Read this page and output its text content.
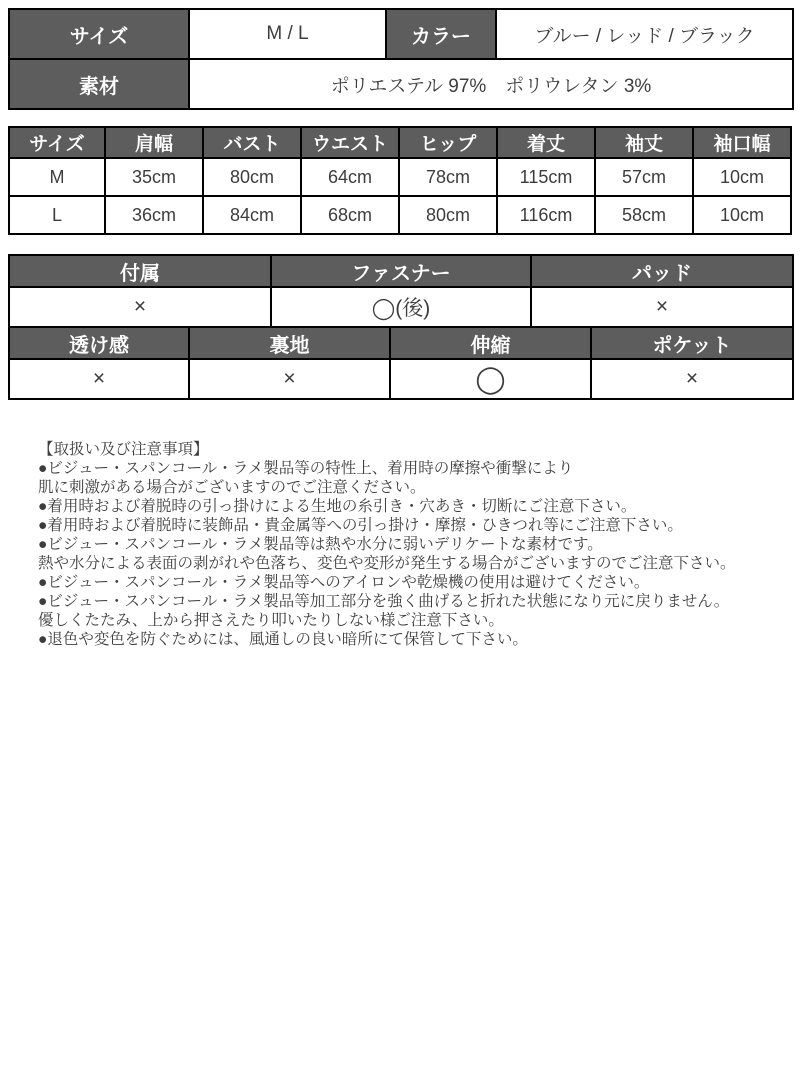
サイズ	M / L	カラー	ブルー / レッド / ブラック
素材	ポリエステル 97%　ポリウレタン 3%		
サイズ	肩幅	バスト	ウエスト	ヒップ	着丈	袖丈	袖口幅
M	35cm	80cm	64cm	78cm	115cm	57cm	10cm
L	36cm	84cm	68cm	80cm	116cm	58cm	10cm
付属	ファスナー	パッド
×	◯(後)	×
透け感	裏地	伸縮	ポケット
×	×	◯	×
【取扱い及び注意事項】
●ビジュー・スパンコール・ラメ製品等の特性上、着用時の摩擦や衝撃により
肌に刺激がある場合がございますのでご注意ください。
●着用時および着脱時の引っ掛けによる生地の糸引き・穴あき・切断にご注意下さい。
●着用時および着脱時に装飾品・貴金属等への引っ掛け・摩擦・ひきつれ等にご注意下さい。
●ビジュー・スパンコール・ラメ製品等は熱や水分に弱いデリケートな素材です。
熱や水分による表面の剥がれや色落ち、変色や変形が発生する場合がございますのでご注意下さい。
●ビジュー・スパンコール・ラメ製品等へのアイロンや乾燥機の使用は避けてください。
●ビジュー・スパンコール・ラメ製品等加工部分を強く曲げると折れた状態になり元に戻りません。
優しくたたみ、上から押さえたり叩いたりしない様ご注意下さい。
●退色や変色を防ぐためには、風通しの良い暗所にて保管して下さい。
